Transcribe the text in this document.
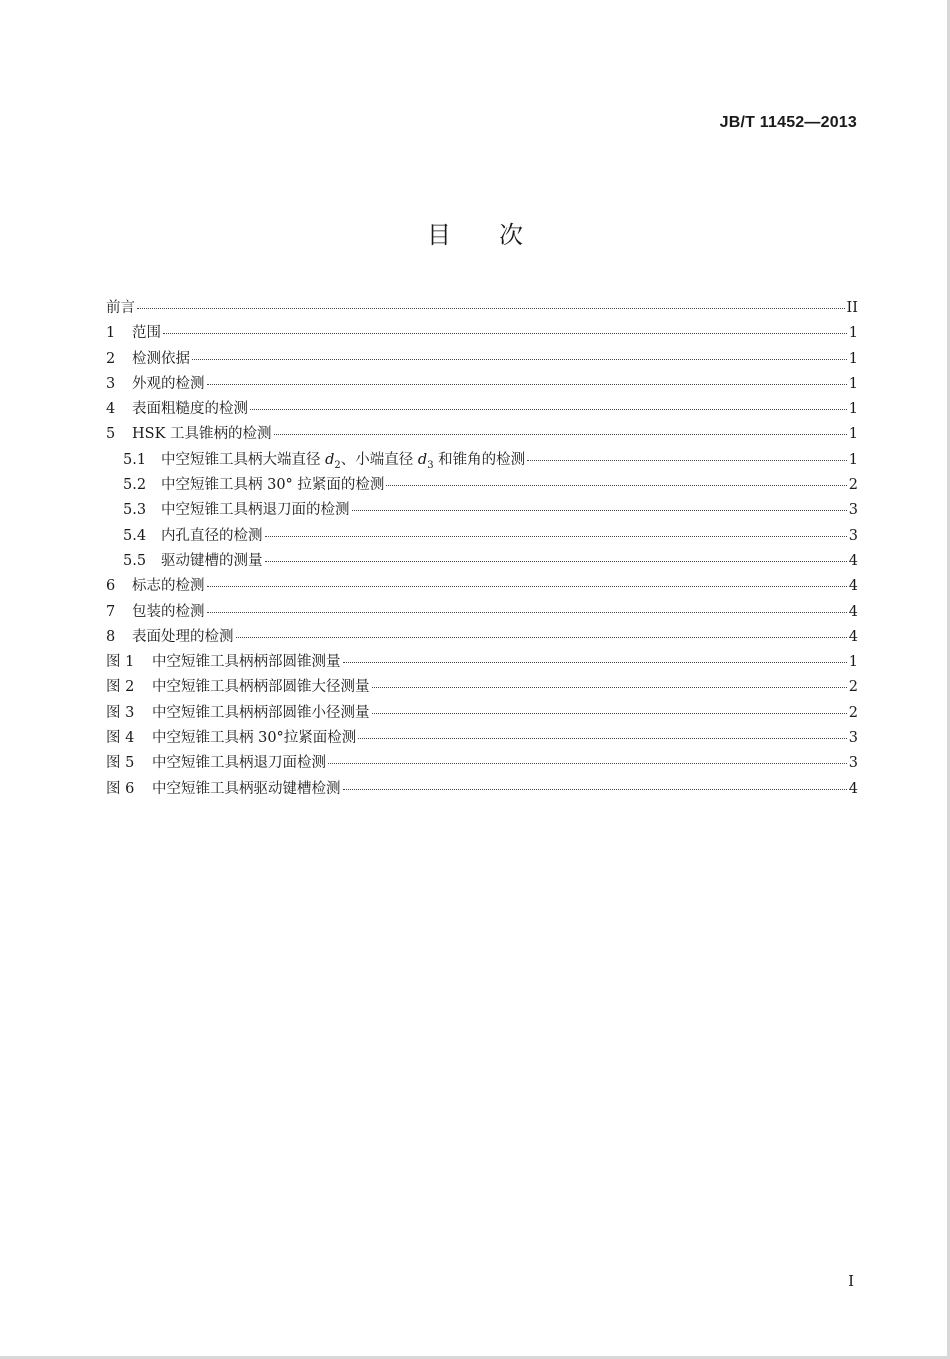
JB/T 11452—2013
目次
前言	II
1	范围	1
2	检测依据	1
3	外观的检测	1
4	表面粗糙度的检测	1
5	HSK 工具锥柄的检测	1
5.1	中空短锥工具柄大端直径 $d_2$、小端直径 $d_3$ 和锥角的检测	1
5.2	中空短锥工具柄 30° 拉紧面的检测	2
5.3	中空短锥工具柄退刀面的检测	3
5.4	内孔直径的检测	3
5.5	驱动键槽的测量	4
6	标志的检测	4
7	包装的检测	4
8	表面处理的检测	4
图 1	中空短锥工具柄柄部圆锥测量	1
图 2	中空短锥工具柄柄部圆锥大径测量	2
图 3	中空短锥工具柄柄部圆锥小径测量	2
图 4	中空短锥工具柄 30°拉紧面检测	3
图 5	中空短锥工具柄退刀面检测	3
图 6	中空短锥工具柄驱动键槽检测	4
I
